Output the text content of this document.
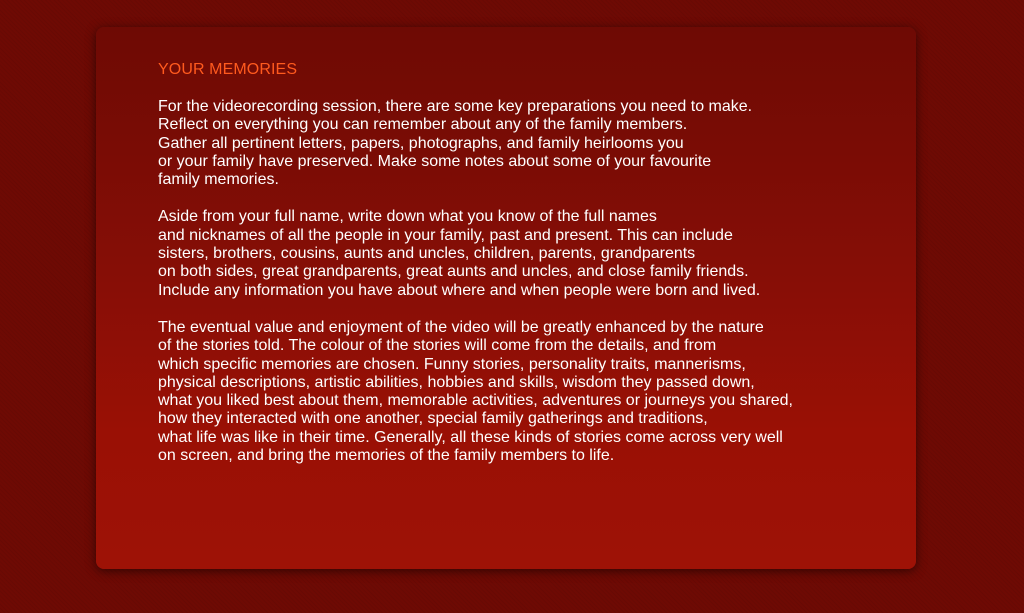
YOUR MEMORIES
For the videorecording session, there are some key preparations you need to make.
Reflect on everything you can remember about any of the family members.
Gather all pertinent letters, papers, photographs, and family heirlooms you
or your family have preserved. Make some notes about some of your favourite
family memories.
Aside from your full name, write down what you know of the full names
and nicknames of all the people in your family, past and present. This can include
sisters, brothers, cousins, aunts and uncles, children, parents, grandparents
on both sides, great grandparents, great aunts and uncles, and close family friends.
Include any information you have about where and when people were born and lived.
The eventual value and enjoyment of the video will be greatly enhanced by the nature
of the stories told. The colour of the stories will come from the details, and from
which specific memories are chosen. Funny stories, personality traits, mannerisms,
physical descriptions, artistic abilities, hobbies and skills, wisdom they passed down,
what you liked best about them, memorable activities, adventures or journeys you shared,
how they interacted with one another, special family gatherings and traditions,
what life was like in their time. Generally, all these kinds of stories come across very well
on screen, and bring the memories of the family members to life.
